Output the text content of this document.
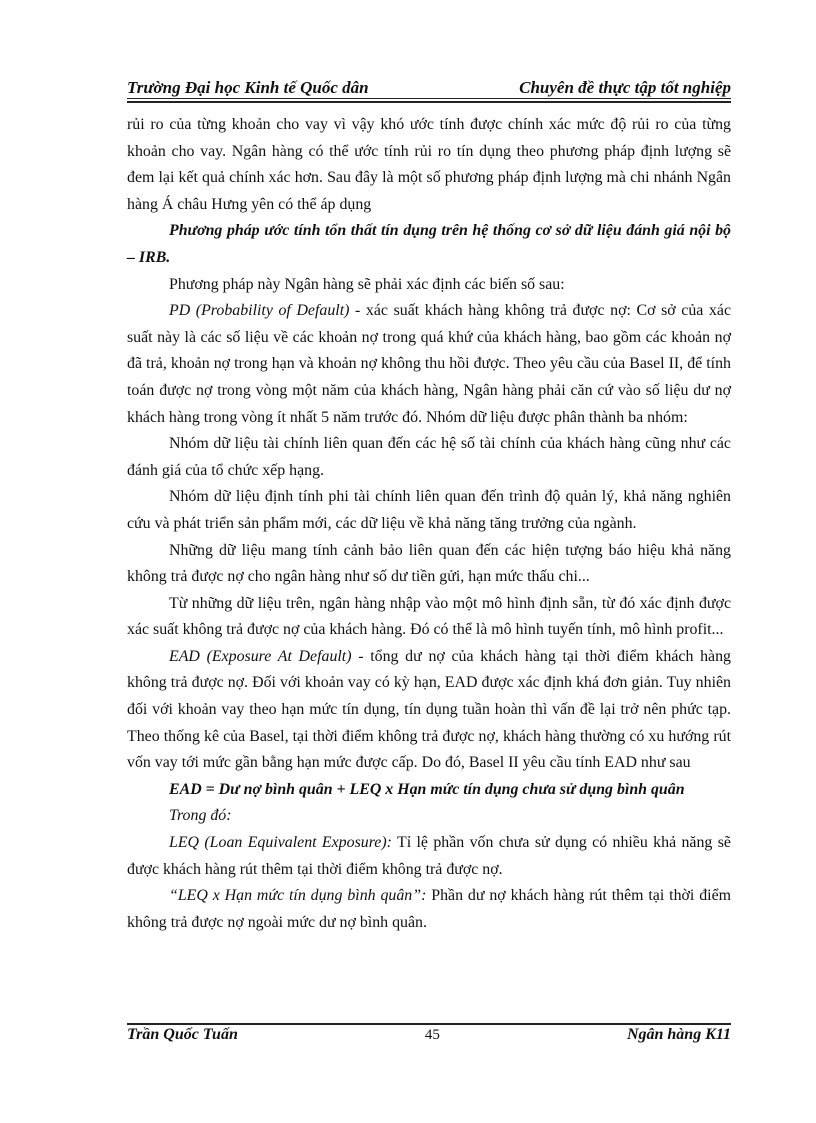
Trường Đại học Kinh tế Quốc dân	Chuyên đề thực tập tốt nghiệp

rủi ro của từng khoản cho vay vì vậy khó ước tính được chính xác mức độ rủi ro của từng khoản cho vay. Ngân hàng có thể ước tính rủi ro tín dụng theo phương pháp định lượng sẽ đem lại kết quả chính xác hơn. Sau đây là một số phương pháp định lượng mà chi nhánh Ngân hàng Á châu Hưng yên có thể áp dụng

Phương pháp ước tính tổn thất tín dụng trên hệ thống cơ sở dữ liệu đánh giá nội bộ – IRB.

Phương pháp này Ngân hàng sẽ phải xác định các biến số sau:

PD (Probability of Default) - xác suất khách hàng không trả được nợ: Cơ sở của xác suất này là các số liệu về các khoản nợ trong quá khứ của khách hàng, bao gồm các khoản nợ đã trả, khoản nợ trong hạn và khoản nợ không thu hồi được. Theo yêu cầu của Basel II, để tính toán được nợ trong vòng một năm của khách hàng, Ngân hàng phải căn cứ vào số liệu dư nợ khách hàng trong vòng ít nhất 5 năm trước đó. Nhóm dữ liệu được phân thành ba nhóm:

Nhóm dữ liệu tài chính liên quan đến các hệ số tài chính của khách hàng cũng như các đánh giá của tổ chức xếp hạng.

Nhóm dữ liệu định tính phi tài chính liên quan đến trình độ quản lý, khả năng nghiên cứu và phát triển sản phẩm mới, các dữ liệu về khả năng tăng trưởng của ngành.

Những dữ liệu mang tính cảnh bảo liên quan đến các hiện tượng báo hiệu khả năng không trả được nợ cho ngân hàng như số dư tiền gửi, hạn mức thấu chi...

Từ những dữ liệu trên, ngân hàng nhập vào một mô hình định sẵn, từ đó xác định được xác suất không trả được nợ của khách hàng. Đó có thể là mô hình tuyến tính, mô hình profit...

EAD (Exposure At Default) - tổng dư nợ của khách hàng tại thời điểm khách hàng không trả được nợ. Đối với khoản vay có kỳ hạn, EAD được xác định khá đơn giản. Tuy nhiên đối với khoản vay theo hạn mức tín dụng, tín dụng tuần hoàn thì vấn đề lại trở nên phức tạp. Theo thống kê của Basel, tại thời điểm không trả được nợ, khách hàng thường có xu hướng rút vốn vay tới mức gần bằng hạn mức được cấp. Do đó, Basel II yêu cầu tính EAD như sau

EAD = Dư nợ bình quân + LEQ x Hạn mức tín dụng chưa sử dụng bình quân

Trong đó:

LEQ (Loan Equivalent Exposure): Tỉ lệ phần vốn chưa sử dụng có nhiều khả năng sẽ được khách hàng rút thêm tại thời điểm không trả được nợ.

“LEQ x Hạn mức tín dụng bình quân”: Phần dư nợ khách hàng rút thêm tại thời điểm không trả được nợ ngoài mức dư nợ bình quân.

Trần Quốc Tuấn	45	Ngân hàng K11
